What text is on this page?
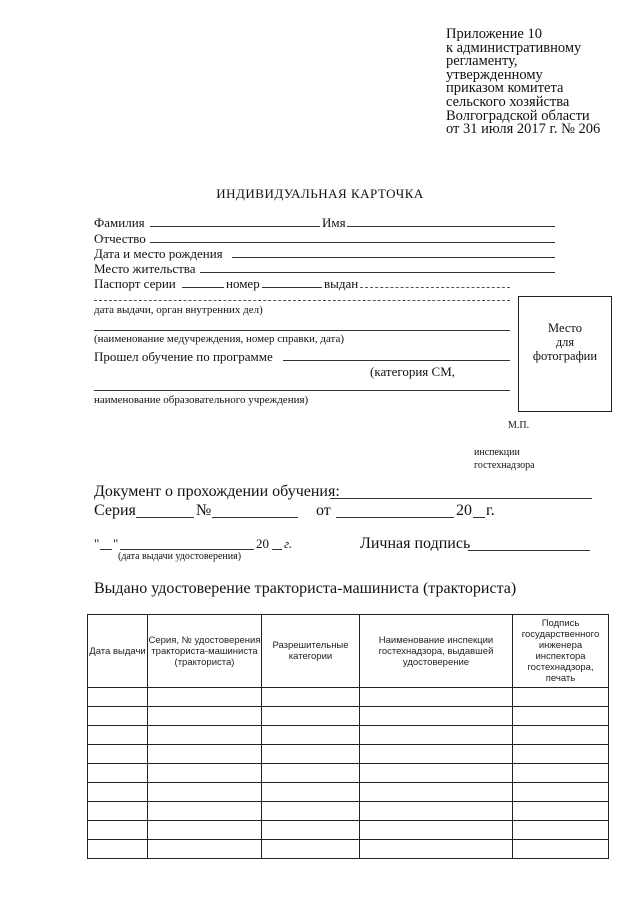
Приложение 10
к административному
регламенту,
утвержденному
приказом комитета
сельского хозяйства
Волгоградской области
от 31 июля 2017 г. № 206
ИНДИВИДУАЛЬНАЯ КАРТОЧКА
Фамилия	Имя
Отчество
Дата и место рождения
Место жительства
Паспорт серии	номер	выдан
дата выдачи, орган внутренних дел)
(наименование медучреждения, номер справки, дата)
Прошел обучение по программе
(категория СМ,
наименование образовательного учреждения)
Место
для
фотографии
М.П.
инспекции
гостехнадзора
Документ о прохождении обучения:
Серия	№	от	20 г.
" "	20 г.
(дата выдачи удостоверения)
Личная подпись
Выдано удостоверение тракториста-машиниста (тракториста)
Дата выдачи	Серия, № удостоверения тракториста-машиниста (тракториста)	Разрешительные категории	Наименование инспекции гостехнадзора, выдавшей удостоверение	Подпись государственного инженера инспектора гостехнадзора, печать
